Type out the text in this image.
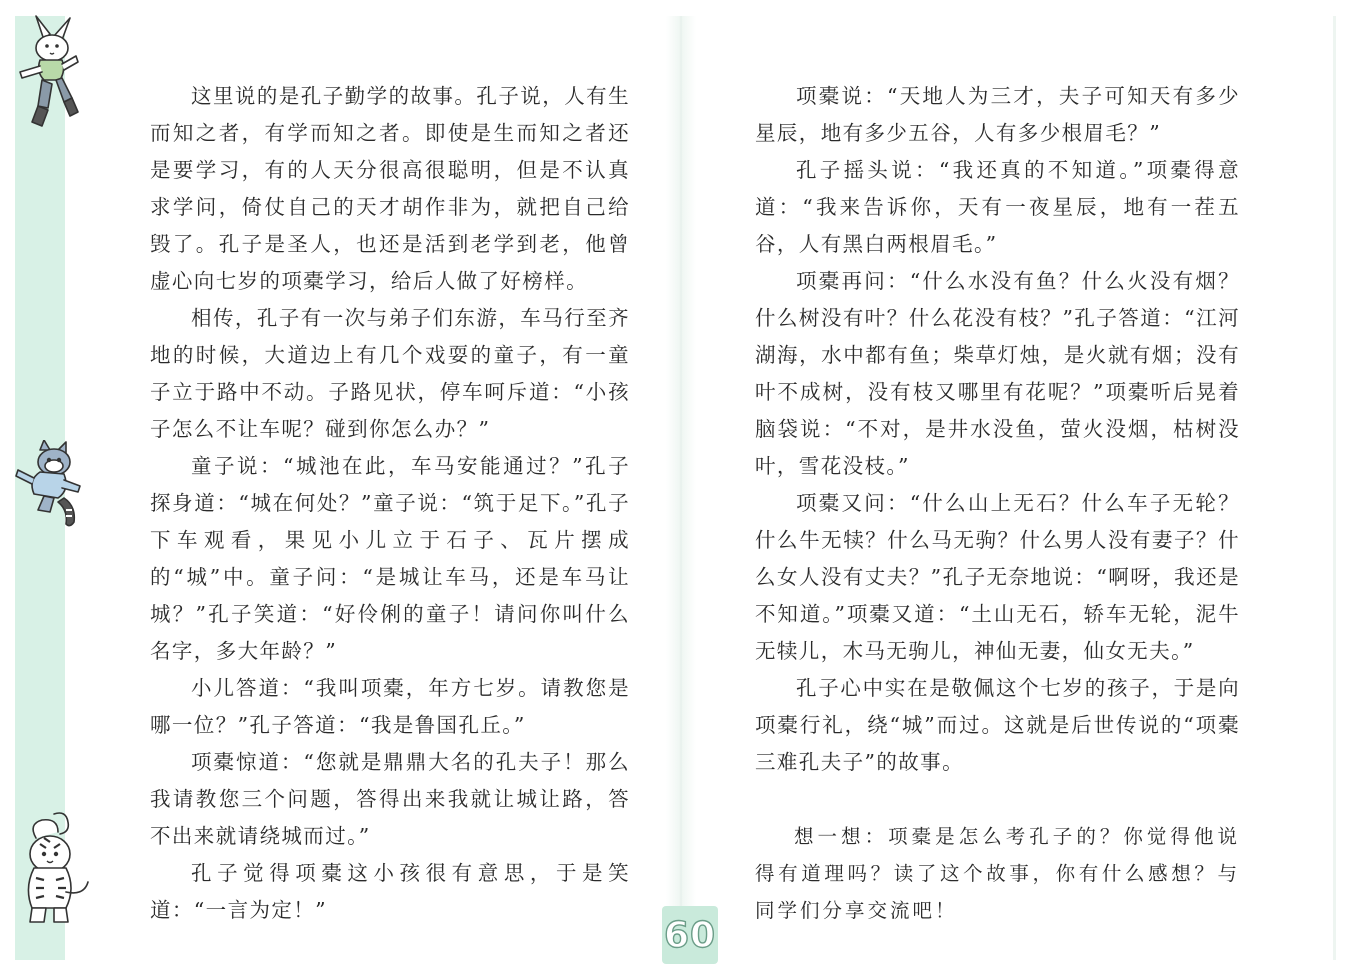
这里说的是孔子勤学的故事。孔子说，人有生而知之者，有学而知之者。即使是生而知之者还是要学习，有的人天分很高很聪明，但是不认真求学问，倚仗自己的天才胡作非为，就把自己给毁了。孔子是圣人，也还是活到老学到老，他曾虚心向七岁的项橐学习，给后人做了好榜样。

相传，孔子有一次与弟子们东游，车马行至齐地的时候，大道边上有几个戏耍的童子，有一童子立于路中不动。子路见状，停车呵斥道：“小孩子怎么不让车呢？碰到你怎么办？”

童子说：“城池在此，车马安能通过？”孔子探身道：“城在何处？”童子说：“筑于足下。”孔子下车观看，果见小儿立于石子、瓦片摆成的“城”中。童子问：“是城让车马，还是车马让城？”孔子笑道：“好伶俐的童子！请问你叫什么名字，多大年龄？”

小儿答道：“我叫项橐，年方七岁。请教您是哪一位？”孔子答道：“我是鲁国孔丘。”

项橐惊道：“您就是鼎鼎大名的孔夫子！那么我请教您三个问题，答得出来我就让城让路，答不出来就请绕城而过。”

孔子觉得项橐这小孩很有意思，于是笑道：“一言为定！”

项橐说：“天地人为三才，夫子可知天有多少星辰，地有多少五谷，人有多少根眉毛？”

孔子摇头说：“我还真的不知道。”项橐得意道：“我来告诉你，天有一夜星辰，地有一茬五谷，人有黑白两根眉毛。”

项橐再问：“什么水没有鱼？什么火没有烟？什么树没有叶？什么花没有枝？”孔子答道：“江河湖海，水中都有鱼；柴草灯烛，是火就有烟；没有叶不成树，没有枝又哪里有花呢？”项橐听后晃着脑袋说：“不对，是井水没鱼，萤火没烟，枯树没叶，雪花没枝。”

项橐又问：“什么山上无石？什么车子无轮？什么牛无犊？什么马无驹？什么男人没有妻子？什么女人没有丈夫？”孔子无奈地说：“啊呀，我还是不知道。”项橐又道：“土山无石，轿车无轮，泥牛无犊儿，木马无驹儿，神仙无妻，仙女无夫。”

孔子心中实在是敬佩这个七岁的孩子，于是向项橐行礼，绕“城”而过。这就是后世传说的“项橐三难孔夫子”的故事。

想一想：项橐是怎么考孔子的？你觉得他说得有道理吗？读了这个故事，你有什么感想？与同学们分享交流吧！

60
